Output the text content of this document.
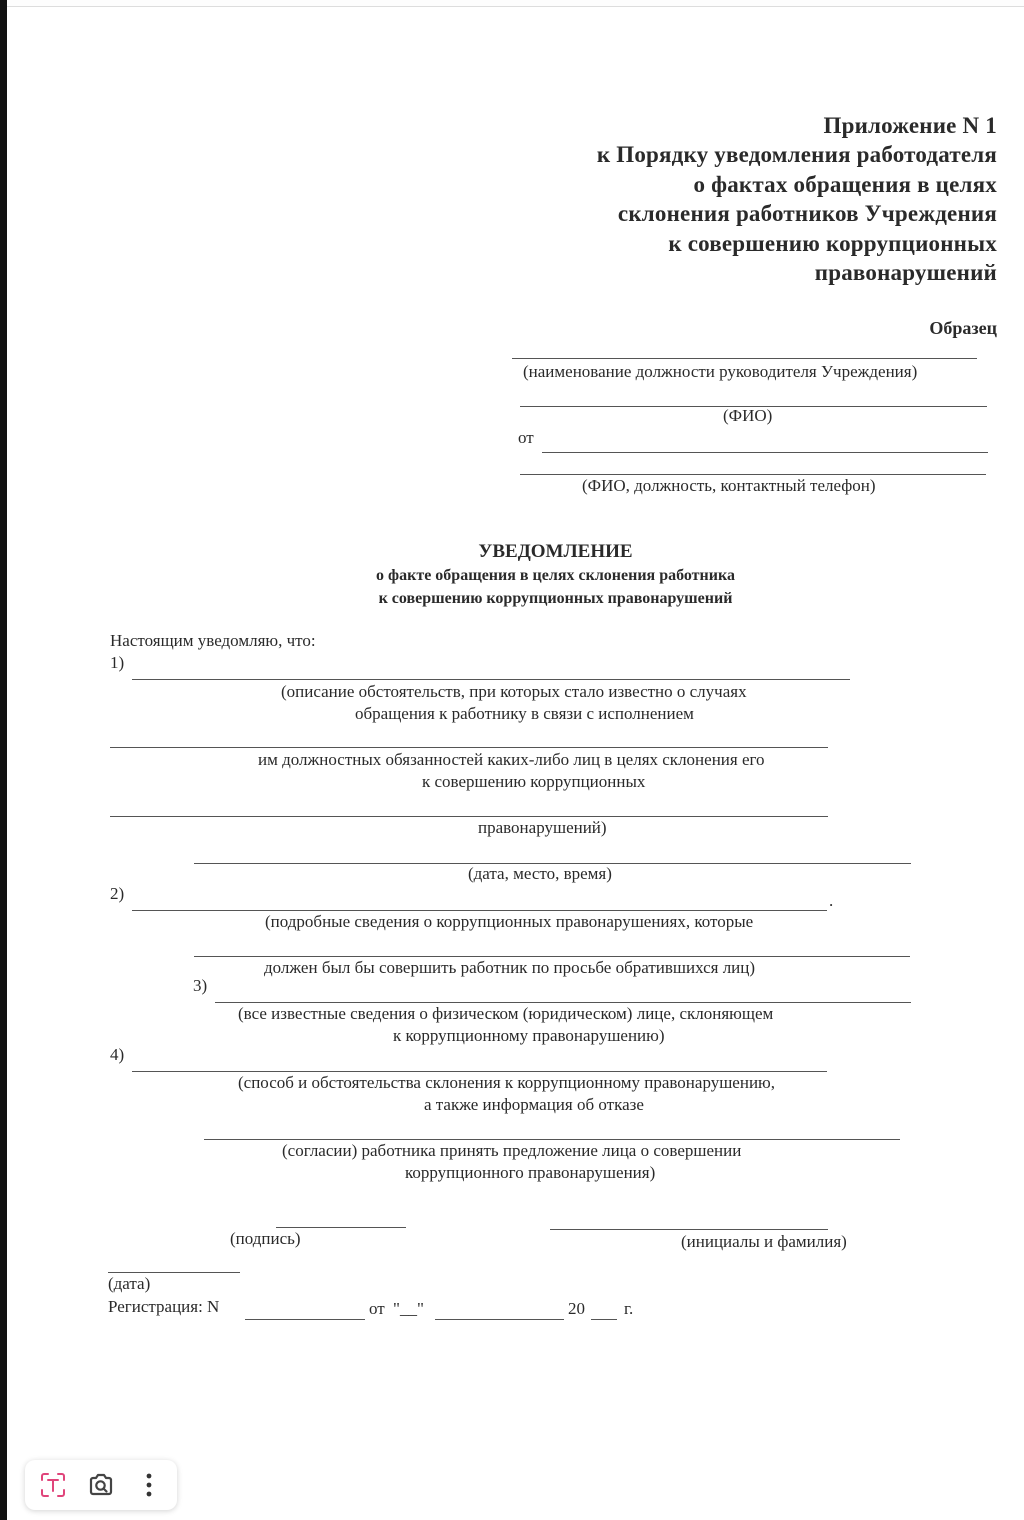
Приложение N 1
к Порядку уведомления работодателя
о фактах обращения в целях
склонения работников Учреждения
к совершению коррупционных
правонарушений
Образец
(наименование должности руководителя Учреждения)
(ФИО)
от
(ФИО, должность, контактный телефон)
УВЕДОМЛЕНИЕ
о факте обращения в целях склонения работника
к совершению коррупционных правонарушений
Настоящим уведомляю, что:
1)
(описание обстоятельств, при которых стало известно о случаях
обращения к работнику в связи с исполнением
им должностных обязанностей каких-либо лиц в целях склонения его
к совершению коррупционных
правонарушений)
(дата, место, время)
2)	.
(подробные сведения о коррупционных правонарушениях, которые
должен был бы совершить работник по просьбе обратившихся лиц)
3)
(все известные сведения о физическом (юридическом) лице, склоняющем
к коррупционному правонарушению)
4)
(способ и обстоятельства склонения к коррупционному правонарушению,
а также информация об отказе
(согласии) работника принять предложение лица о совершении
коррупционного правонарушения)
(подпись)	(инициалы и фамилия)
(дата)
Регистрация: N	от "__"	20 г.
